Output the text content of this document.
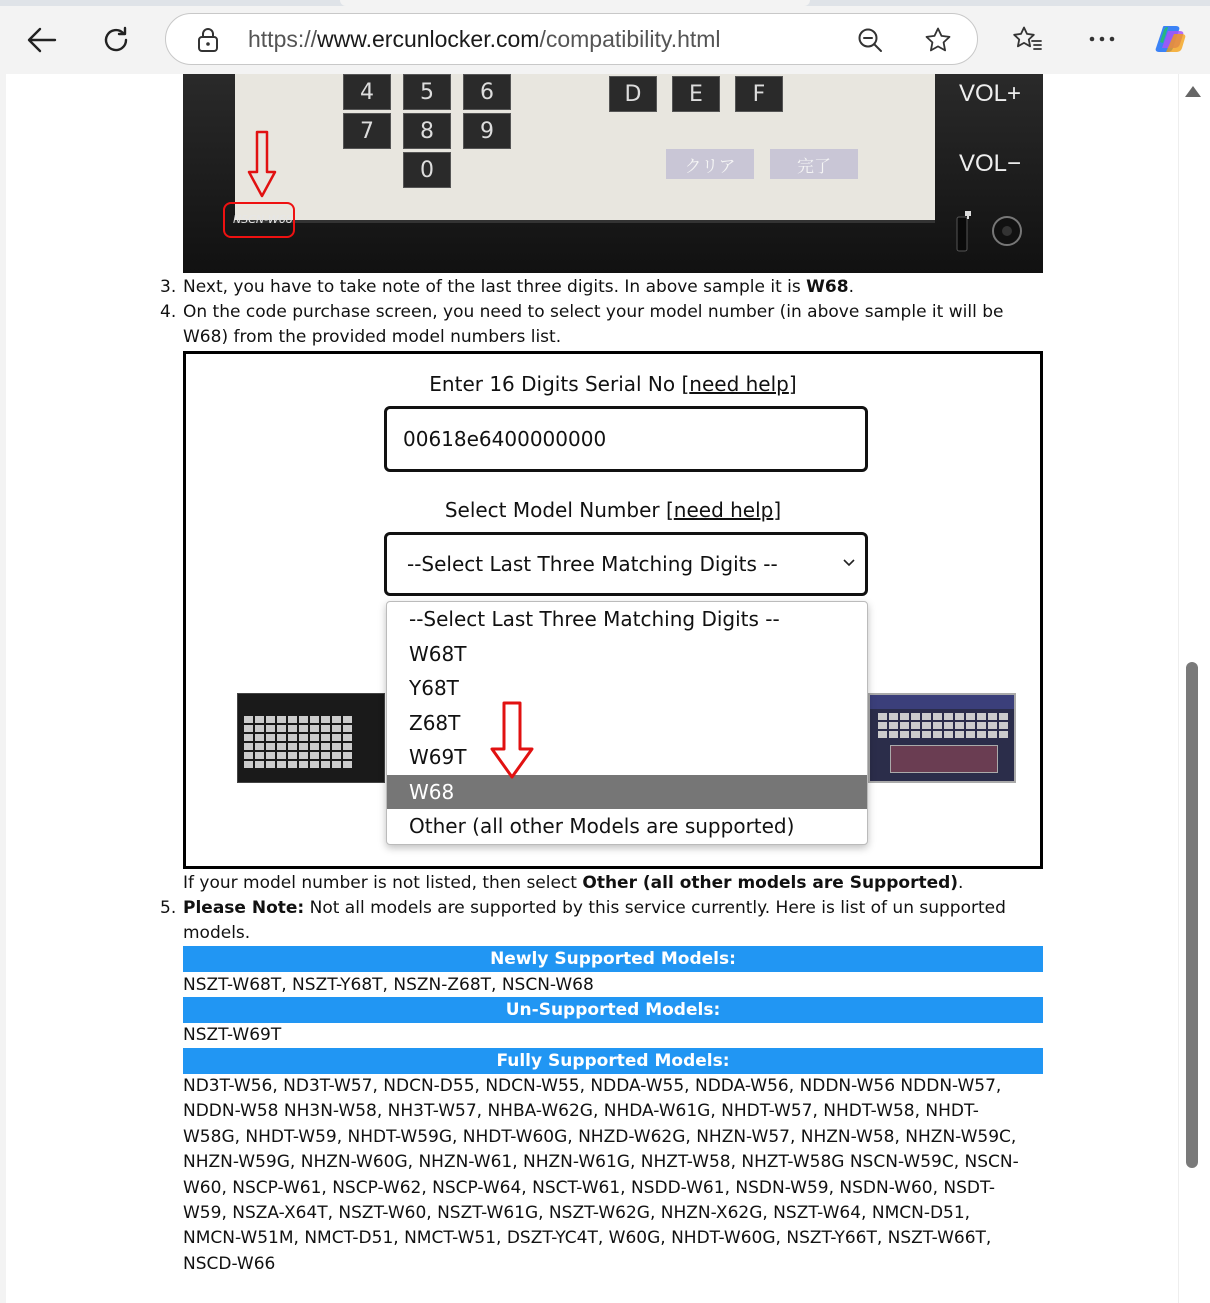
https://www.ercunlocker.com/compatibility.html
4	5	6
7	8	9
0
D	E	F
クリア	完了
VOL+
VOL−
NSCN-W68
3. Next, you have to take note of the last three digits. In above sample it is W68.
4. On the code purchase screen, you need to select your model number (in above sample it will be W68) from the provided model numbers list.
Enter 16 Digits Serial No [need help]
00618e6400000000
Select Model Number [need help]
--Select Last Three Matching Digits --
--Select Last Three Matching Digits --
W68T
Y68T
Z68T
W69T
W68
Other (all other Models are supported)
If your model number is not listed, then select Other (all other models are Supported).
5. Please Note: Not all models are supported by this service currently. Here is list of un supported models.
Newly Supported Models:
NSZT-W68T, NSZT-Y68T, NSZN-Z68T, NSCN-W68
Un-Supported Models:
NSZT-W69T
Fully Supported Models:
ND3T-W56, ND3T-W57, NDCN-D55, NDCN-W55, NDDA-W55, NDDA-W56, NDDN-W56 NDDN-W57,
NDDN-W58 NH3N-W58, NH3T-W57, NHBA-W62G, NHDA-W61G, NHDT-W57, NHDT-W58, NHDT-
W58G, NHDT-W59, NHDT-W59G, NHDT-W60G, NHZD-W62G, NHZN-W57, NHZN-W58, NHZN-W59C,
NHZN-W59G, NHZN-W60G, NHZN-W61, NHZN-W61G, NHZT-W58, NHZT-W58G NSCN-W59C, NSCN-
W60, NSCP-W61, NSCP-W62, NSCP-W64, NSCT-W61, NSDD-W61, NSDN-W59, NSDN-W60, NSDT-
W59, NSZA-X64T, NSZT-W60, NSZT-W61G, NSZT-W62G, NHZN-X62G, NSZT-W64, NMCN-D51,
NMCN-W51M, NMCT-D51, NMCT-W51, DSZT-YC4T, W60G, NHDT-W60G, NSZT-Y66T, NSZT-W66T,
NSCD-W66
